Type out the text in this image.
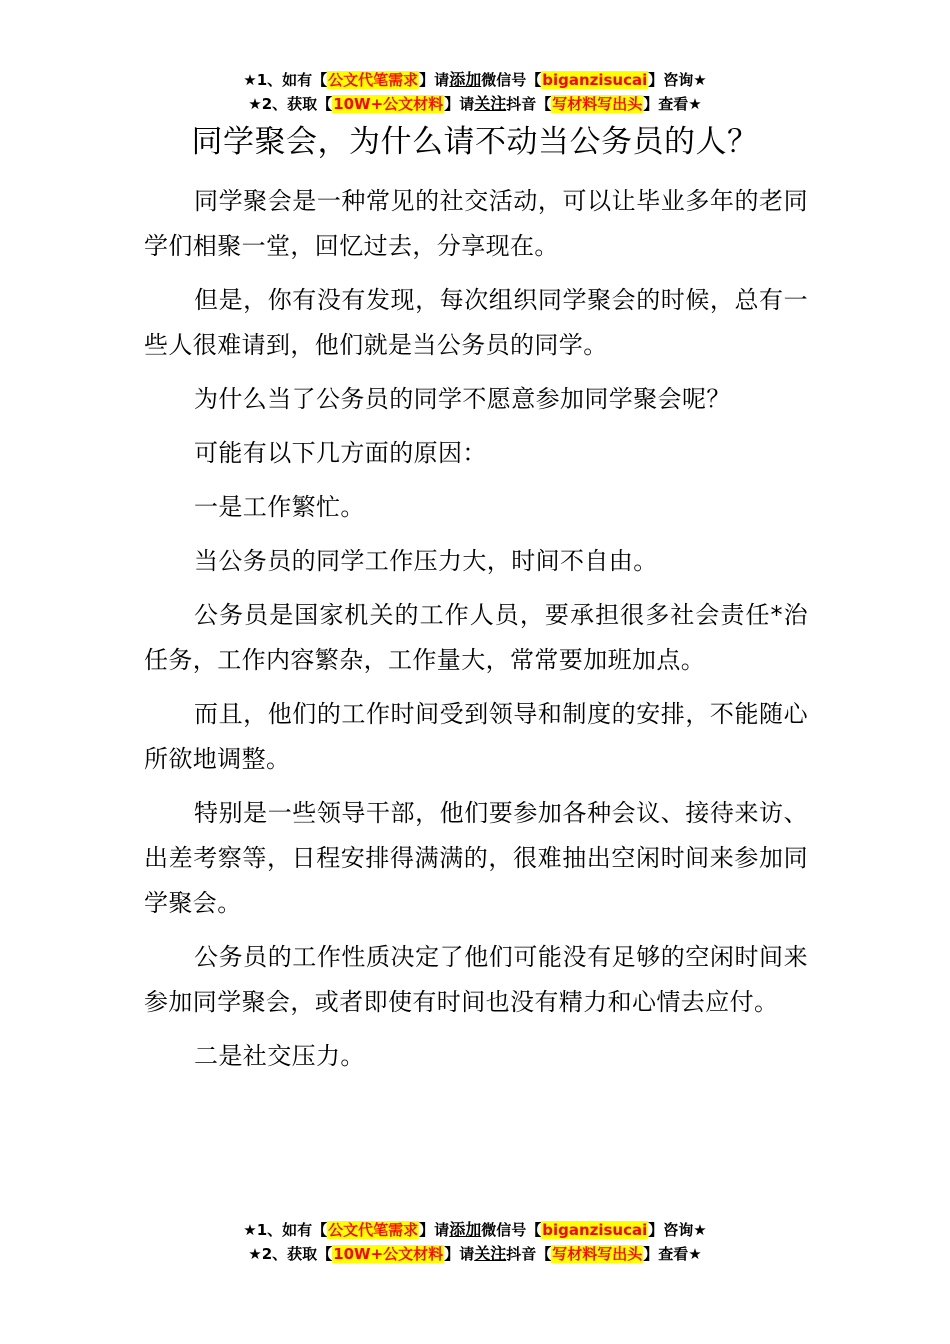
★1、如有【公文代笔需求】请添加微信号【biganzisucai】咨询★
★2、获取【10W+公文材料】请关注抖音【写材料写出头】查看★
同学聚会，为什么请不动当公务员的人？

同学聚会是一种常见的社交活动，可以让毕业多年的老同学们相聚一堂，回忆过去，分享现在。

但是，你有没有发现，每次组织同学聚会的时候，总有一些人很难请到，他们就是当公务员的同学。

为什么当了公务员的同学不愿意参加同学聚会呢？

可能有以下几方面的原因：

一是工作繁忙。

当公务员的同学工作压力大，时间不自由。

公务员是国家机关的工作人员，要承担很多社会责任*治任务，工作内容繁杂，工作量大，常常要加班加点。

而且，他们的工作时间受到领导和制度的安排，不能随心所欲地调整。

特别是一些领导干部，他们要参加各种会议、接待来访、出差考察等，日程安排得满满的，很难抽出空闲时间来参加同学聚会。

公务员的工作性质决定了他们可能没有足够的空闲时间来参加同学聚会，或者即使有时间也没有精力和心情去应付。

二是社交压力。

★1、如有【公文代笔需求】请添加微信号【biganzisucai】咨询★
★2、获取【10W+公文材料】请关注抖音【写材料写出头】查看★
